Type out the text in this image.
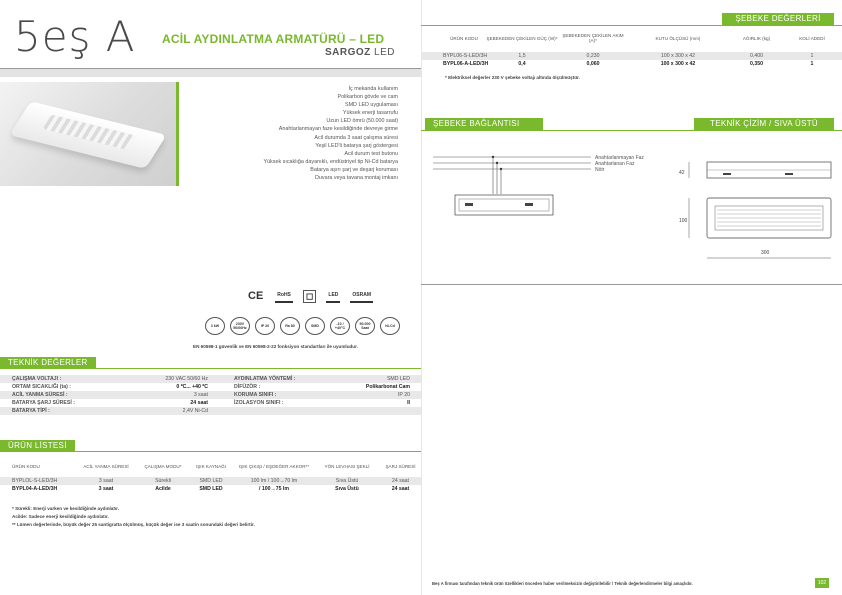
5eş A ACİL AYDINLATMA ARMATÜRÜ – LED
SARGOZ LED
İç mekanda kullanım
Polikarbon gövde ve cam
SMD LED uygulaması
Yüksek enerji tasarrufu
Uzun LED ömrü (50.000 saat)
Anahtarlanmayan faze kesildiğinde devreye girme
Acil durumda 3 saat çalışma süresi
Yeşil LED'li batarya şarj göstergesi
Acil durum test butonu
Yüksek sıcaklığa dayanıklı, endüstriyel tip Ni-Cd batarya
Batarya aşırı şarj ve deşarj koruması
Duvara veya tavana montaj imkanı
CE	RoHS	◻	LED	OSRAM
3 kW	230V 50/60Hz	IP 20	Ra 80	SMD	-10 / +40°C
50.000 Saat	Ni-Cd
EN 60598-1 güvenlik ve EN 60598-2-22 fonksiyon standartları ile uyumludur.
TEKNİK DEĞERLER
ÇALIŞMA VOLTAJI :	230 VAC 50/60 Hz	AYDINLATMA YÖNTEMİ :	SMD LED
ORTAM SICAKLIĞI (ta) :	0 ºC... +40 ºC	DİFÜZÖR :	Polikarbonat Cam
ACİL YANMA SÜRESİ :	3 saat	KORUMA SINIFI :	IP 20
BATARYA ŞARJ SÜRESİ :	24 saat	İZOLASYON SINIFI :	II
BATARYA TİPİ :	2,4V Ni-Cd
ÜRÜN LİSTESİ
ÜRÜN KODU	ACİL YANMA SÜRESİ	ÇALIŞMA MODU*	IŞIK KAYNAĞI	IŞIK ÇIKIŞI / EŞDEĞER AKKOR**	YÖN LEVHASI ŞEKLİ	ŞARJ SÜRESİ
BYPLOL-S-LED/3H	3 saat	Sürekli	SMD LED	100 lm / 100→70 lm	Sıva Üstü	24 saat
BYPL04-A-LED/3H	3 saat	Acilde	SMD LED	/ 100→75 lm	Sıva Üstü	24 saat
* Sürekli: Enerji varken ve kesildiğinde aydınlatır.
Acilde: Sadece enerji kesildiğinde aydınlatır.
** Lümen değerlerinde, büyük değer 25 santigratta ölçülmüş, küçük değer ise 3 saatin sonundaki değeri belirtir.
ŞEBEKE DEĞERLERİ
ÜRÜN KODU	ŞEBEKEDEN ÇEKİLEN GÜÇ (W)*	ŞEBEKEDEN ÇEKİLEN AKIM (A)*	KUTU ÖLÇÜSÜ (mm)	AĞIRLIK (kg)	KOLİ ADEDİ
BYPL06-S-LED/3H	1,5	0,230	100 x 300 x 42	0,400	1
BYPL06-A-LED/3H	0,4	0,060	100 x 300 x 42	0,350	1
* Elektriksel değerler 230 V şebeke voltajı altında ölçülmüştür.
ŞEBEKE BAĞLANTISI	TEKNİK ÇİZİM / SIVA ÜSTÜ
Anahtarlanmayan Faz
Anahtarlanan Faz
Nötr	42
100
300
Beş A firması tarafından teknik ürün özellikleri önceden haber verilmeksizin değiştirilebilir / Teknik değerlendirmeler bilgi amaçlıdır.	102
